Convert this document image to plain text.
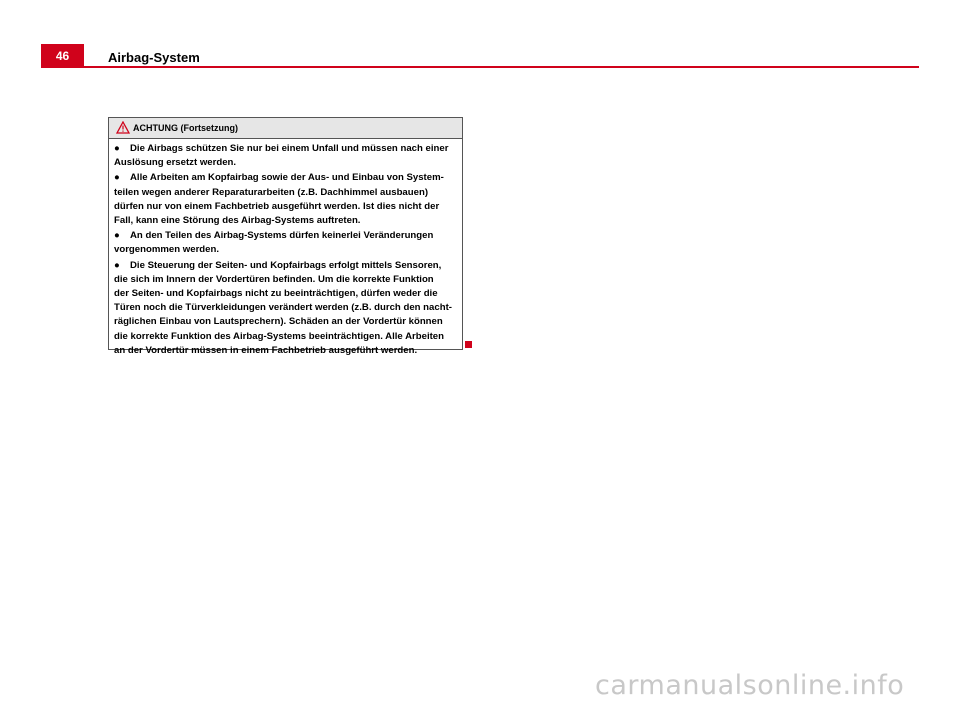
46	Airbag-System
ACHTUNG (Fortsetzung)
● Die Airbags schützen Sie nur bei einem Unfall und müssen nach einer
Auslösung ersetzt werden.
● Alle Arbeiten am Kopfairbag sowie der Aus- und Einbau von System-
teilen wegen anderer Reparaturarbeiten (z.B. Dachhimmel ausbauen)
dürfen nur von einem Fachbetrieb ausgeführt werden. Ist dies nicht der
Fall, kann eine Störung des Airbag-Systems auftreten.
● An den Teilen des Airbag-Systems dürfen keinerlei Veränderungen
vorgenommen werden.
● Die Steuerung der Seiten- und Kopfairbags erfolgt mittels Sensoren,
die sich im Innern der Vordertüren befinden. Um die korrekte Funktion
der Seiten- und Kopfairbags nicht zu beeinträchtigen, dürfen weder die
Türen noch die Türverkleidungen verändert werden (z.B. durch den nacht-
räglichen Einbau von Lautsprechern). Schäden an der Vordertür können
die korrekte Funktion des Airbag-Systems beeinträchtigen. Alle Arbeiten
an der Vordertür müssen in einem Fachbetrieb ausgeführt werden.
carmanualsonline.info
